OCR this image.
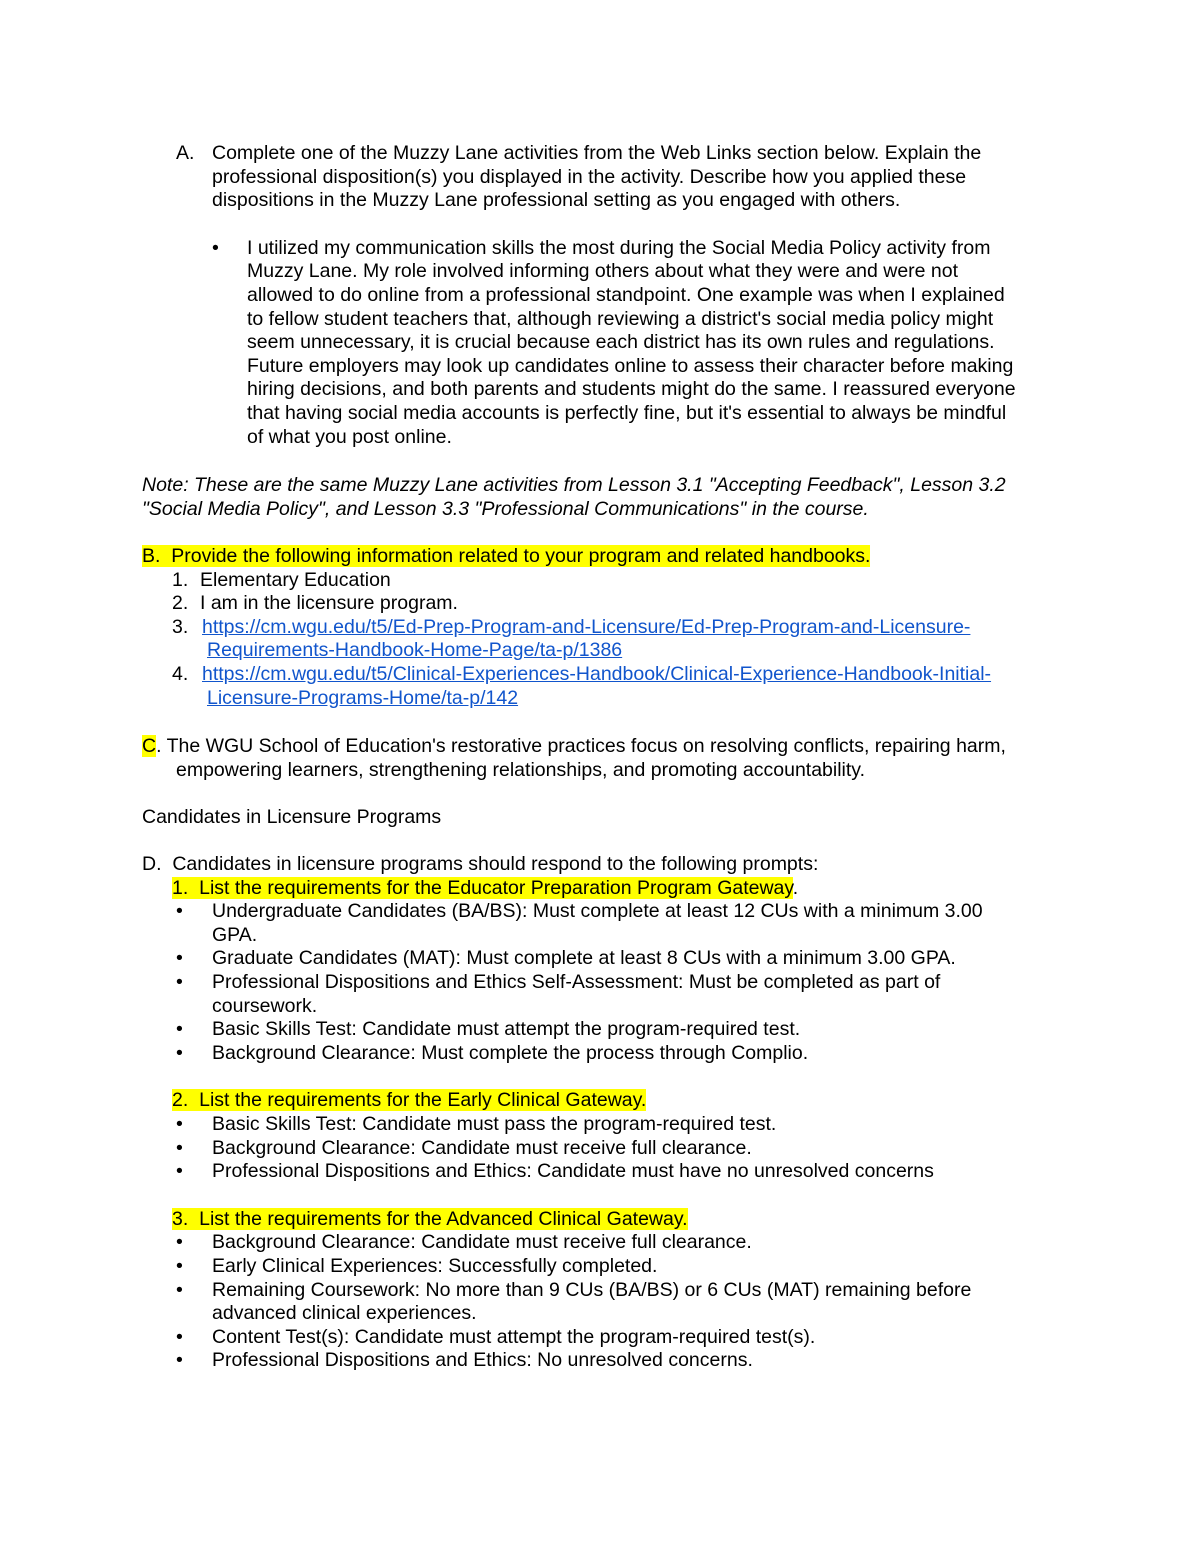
A. Complete one of the Muzzy Lane activities from the Web Links section below. Explain the
professional disposition(s) you displayed in the activity. Describe how you applied these
dispositions in the Muzzy Lane professional setting as you engaged with others.
• I utilized my communication skills the most during the Social Media Policy activity from
Muzzy Lane. My role involved informing others about what they were and were not
allowed to do online from a professional standpoint. One example was when I explained
to fellow student teachers that, although reviewing a district's social media policy might
seem unnecessary, it is crucial because each district has its own rules and regulations.
Future employers may look up candidates online to assess their character before making
hiring decisions, and both parents and students might do the same. I reassured everyone
that having social media accounts is perfectly fine, but it's essential to always be mindful
of what you post online.
Note: These are the same Muzzy Lane activities from Lesson 3.1 "Accepting Feedback", Lesson 3.2
"Social Media Policy", and Lesson 3.3 "Professional Communications" in the course.
B. Provide the following information related to your program and related handbooks.
1. Elementary Education
2. I am in the licensure program.
3. https://cm.wgu.edu/t5/Ed-Prep-Program-and-Licensure/Ed-Prep-Program-and-Licensure-
Requirements-Handbook-Home-Page/ta-p/1386
4. https://cm.wgu.edu/t5/Clinical-Experiences-Handbook/Clinical-Experience-Handbook-Initial-
Licensure-Programs-Home/ta-p/142
C. The WGU School of Education's restorative practices focus on resolving conflicts, repairing harm,
empowering learners, strengthening relationships, and promoting accountability.
Candidates in Licensure Programs
D. Candidates in licensure programs should respond to the following prompts:
1. List the requirements for the Educator Preparation Program Gateway.
• Undergraduate Candidates (BA/BS): Must complete at least 12 CUs with a minimum 3.00
GPA.
• Graduate Candidates (MAT): Must complete at least 8 CUs with a minimum 3.00 GPA.
• Professional Dispositions and Ethics Self-Assessment: Must be completed as part of
coursework.
• Basic Skills Test: Candidate must attempt the program-required test.
• Background Clearance: Must complete the process through Complio.
2. List the requirements for the Early Clinical Gateway.
• Basic Skills Test: Candidate must pass the program-required test.
• Background Clearance: Candidate must receive full clearance.
• Professional Dispositions and Ethics: Candidate must have no unresolved concerns
3. List the requirements for the Advanced Clinical Gateway.
• Background Clearance: Candidate must receive full clearance.
• Early Clinical Experiences: Successfully completed.
• Remaining Coursework: No more than 9 CUs (BA/BS) or 6 CUs (MAT) remaining before
advanced clinical experiences.
• Content Test(s): Candidate must attempt the program-required test(s).
• Professional Dispositions and Ethics: No unresolved concerns.
